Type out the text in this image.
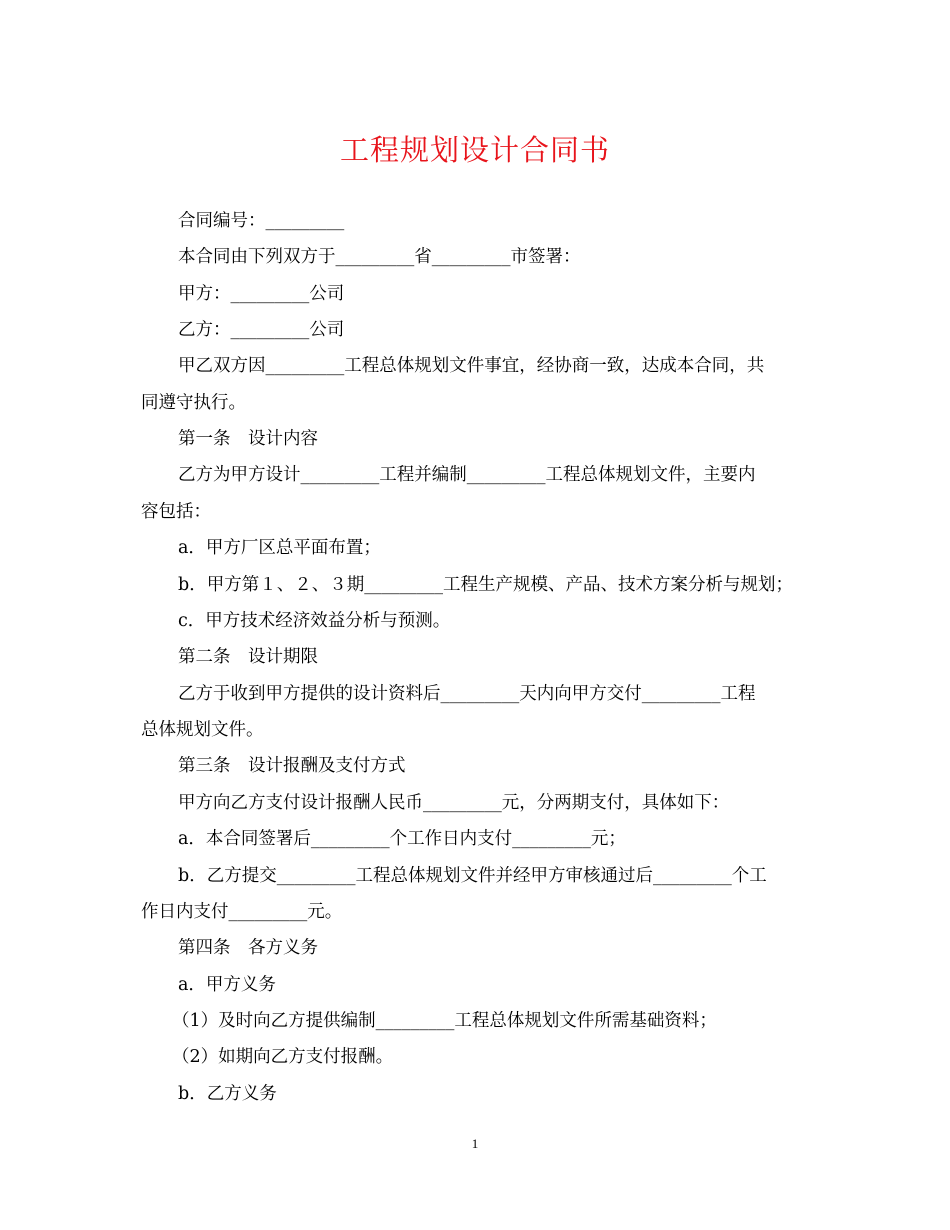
工程规划设计合同书
合同编号：_________
本合同由下列双方于_________省_________市签署：
甲方：_________公司
乙方：_________公司
甲乙双方因_________工程总体规划文件事宜，经协商一致，达成本合同，共
同遵守执行。
第一条　设计内容
乙方为甲方设计_________工程并编制_________工程总体规划文件，主要内
容包括：
a．甲方厂区总平面布置；
b．甲方第１、２、３期_________工程生产规模、产品、技术方案分析与规划；
c．甲方技术经济效益分析与预测。
第二条　设计期限
乙方于收到甲方提供的设计资料后_________天内向甲方交付_________工程
总体规划文件。
第三条　设计报酬及支付方式
甲方向乙方支付设计报酬人民币_________元，分两期支付，具体如下：
a．本合同签署后_________个工作日内支付_________元；
b．乙方提交_________工程总体规划文件并经甲方审核通过后_________个工
作日内支付_________元。
第四条　各方义务
a．甲方义务
（1）及时向乙方提供编制_________工程总体规划文件所需基础资料；
（2）如期向乙方支付报酬。
b．乙方义务
1
